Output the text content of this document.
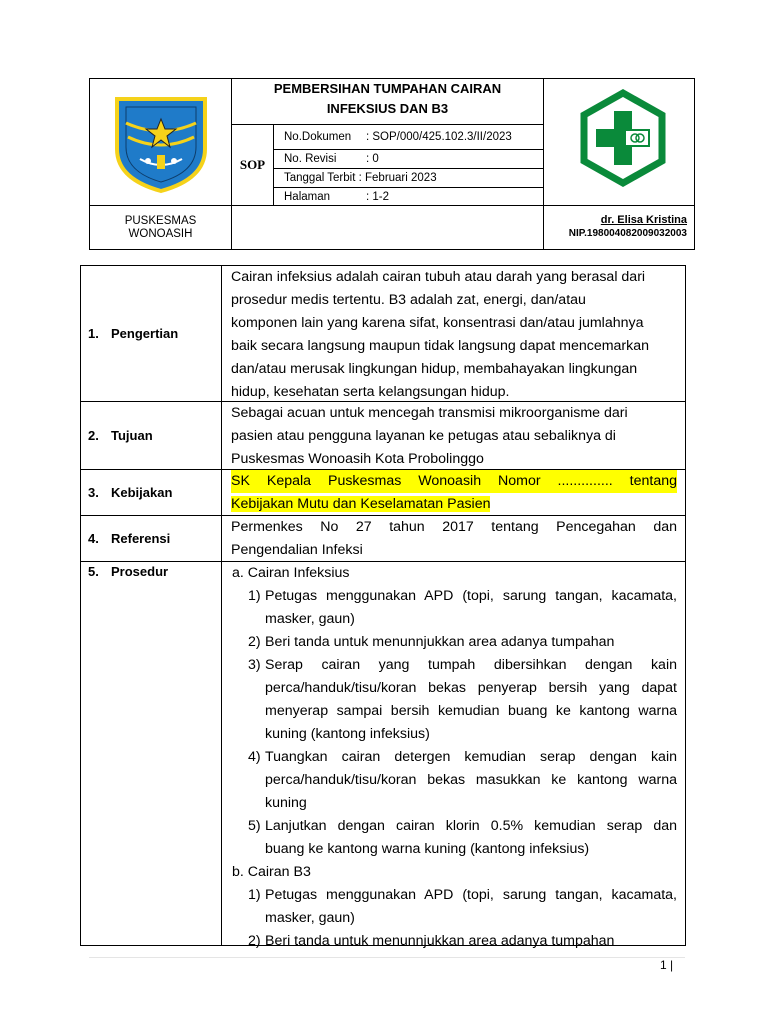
PEMBERSIHAN TUMPAHAN CAIRAN
INFEKSIUS DAN B3
SOP
No.Dokumen	: SOP/000/425.102.3/II/2023
No. Revisi	: 0
Tanggal Terbit
: Februari 2023
Halaman	: 1-2
PUSKESMAS
WONOASIH
dr. Elisa Kristina
NIP.198004082009032003
1. Pengertian

Cairan infeksius adalah cairan tubuh atau darah yang berasal dari

prosedur medis tertentu. B3 adalah zat, energi, dan/atau

komponen lain yang karena sifat, konsentrasi dan/atau jumlahnya

baik secara langsung maupun tidak langsung dapat mencemarkan

dan/atau merusak lingkungan hidup, membahayakan lingkungan

hidup, kesehatan serta kelangsungan hidup.

2. Tujuan

Sebagai acuan untuk mencegah transmisi mikroorganisme dari

pasien atau pengguna layanan ke petugas atau sebaliknya di

Puskesmas Wonoasih Kota Probolinggo

3. Kebijakan

SK Kepala Puskesmas Wonoasih Nomor .............. tentang

Kebijakan Mutu dan Keselamatan Pasien

4. Referensi

Permenkes No 27 tahun 2017 tentang Pencegahan dan

Pengendalian Infeksi

5. Prosedur	a. Cairan Infeksius

1) Petugas menggunakan APD (topi, sarung tangan, kacamata,
masker, gaun)
2) Beri tanda untuk menunnjukkan area adanya tumpahan
3) Serap cairan yang tumpah dibersihkan dengan kain
perca/handuk/tisu/koran bekas penyerap bersih yang dapat
menyerap sampai bersih kemudian buang ke kantong warna
kuning (kantong infeksius)
4) Tuangkan cairan detergen kemudian serap dengan kain
perca/handuk/tisu/koran bekas masukkan ke kantong warna
kuning
5) Lanjutkan dengan cairan klorin 0.5% kemudian serap dan
buang ke kantong warna kuning (kantong infeksius)

b. Cairan B3

1) Petugas menggunakan APD (topi, sarung tangan, kacamata,
masker, gaun)
2) Beri tanda untuk menunnjukkan area adanya tumpahan
1 |
